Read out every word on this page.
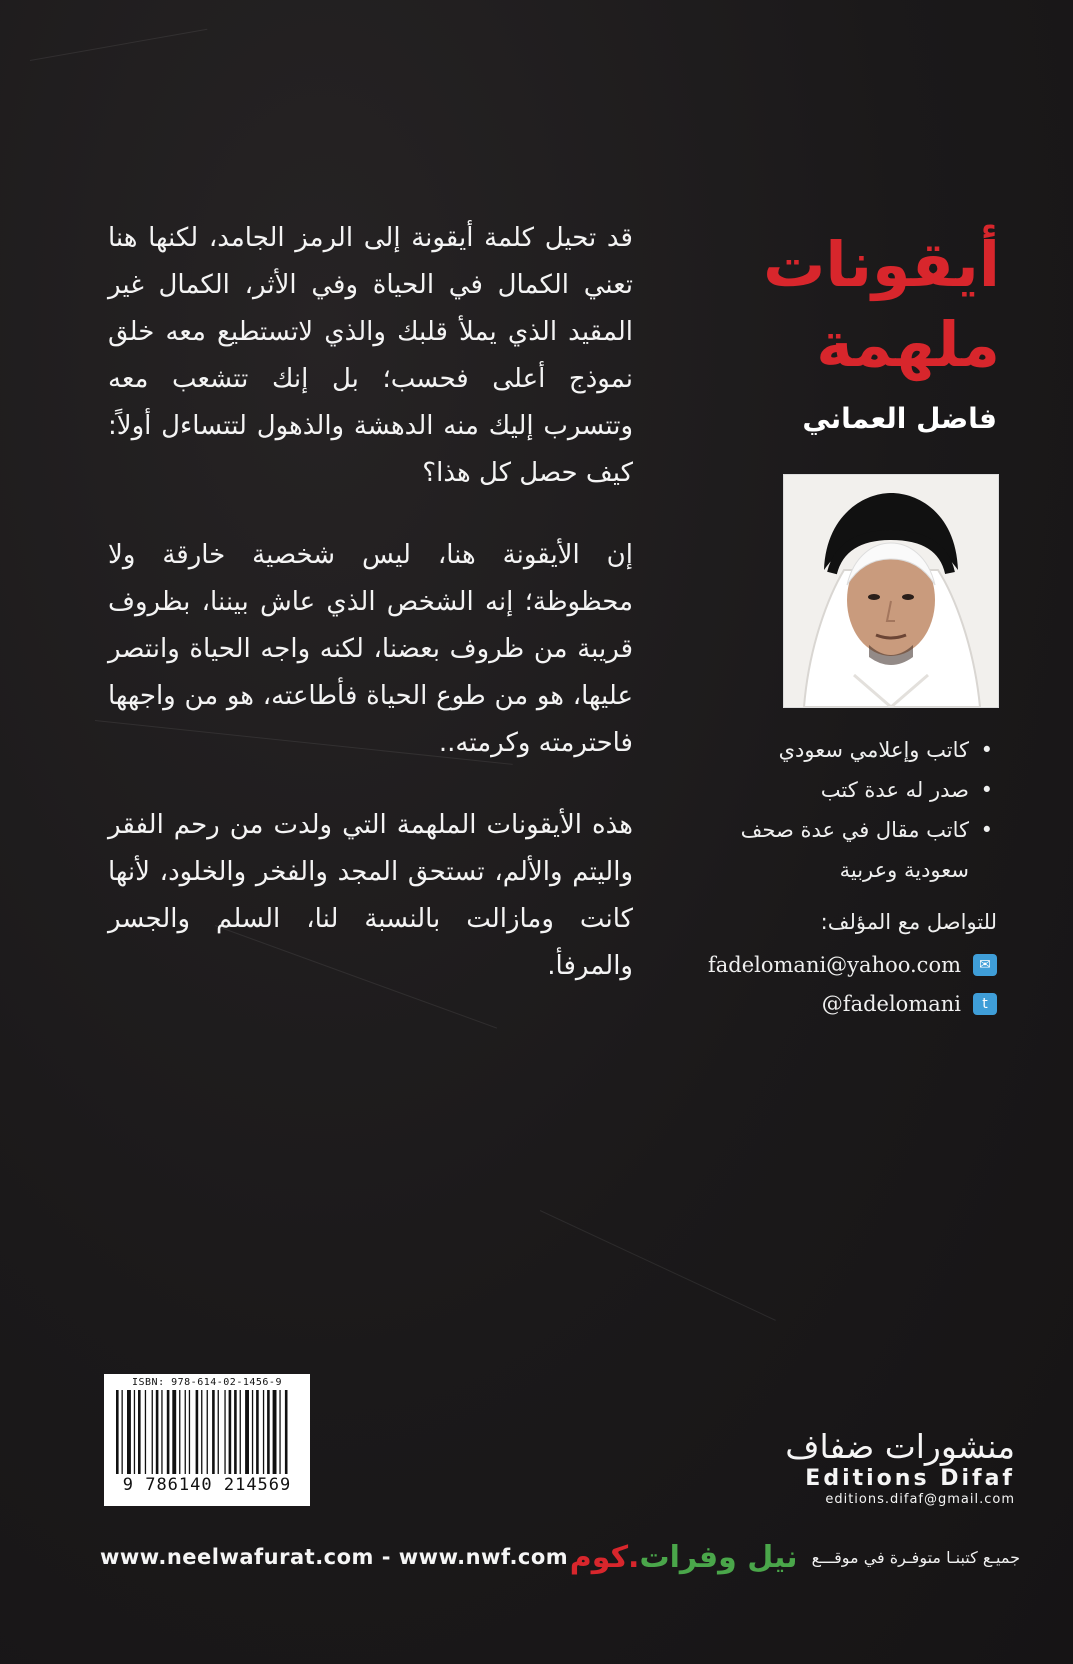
قد تحيل كلمة أيقونة إلى الرمز الجامد، لكنها هنا تعني الكمال في الحياة وفي الأثر، الكمال غير المقيد الذي يملأ قلبك والذي لاتستطيع معه خلق نموذج أعلى فحسب؛ بل إنك تتشعب معه وتتسرب إليك منه الدهشة والذهول لتتساءل أولاً: كيف حصل كل هذا؟

إن الأيقونة هنا، ليس شخصية خارقة ولا محظوظة؛ إنه الشخص الذي عاش بيننا، بظروف قريبة من ظروف بعضنا، لكنه واجه الحياة وانتصر عليها، هو من طوع الحياة فأطاعته، هو من واجهها فاحترمته وكرمته..

هذه الأيقونات الملهمة التي ولدت من رحم الفقر واليتم والألم، تستحق المجد والفخر والخلود، لأنها كانت ومازالت بالنسبة لنا، السلم والجسر والمرفأ.

أيقونات
ملهمة
فاضل العماني
• كاتب وإعلامي سعودي
• صدر له عدة كتب
• كاتب مقال في عدة صحف سعودية وعربية
للتواصل مع المؤلف:
fadelomani@yahoo.com	✉
@fadelomani	t
ISBN: 978-614-02-1456-9
9 786140 214569
منشورات ضفاف
Editions Difaf
editions.difaf@gmail.com
www.neelwafurat.com - www.nwf.com	جميـع كتبنـا متوفـرة في موقـــع
نيل وفرات.كوم
